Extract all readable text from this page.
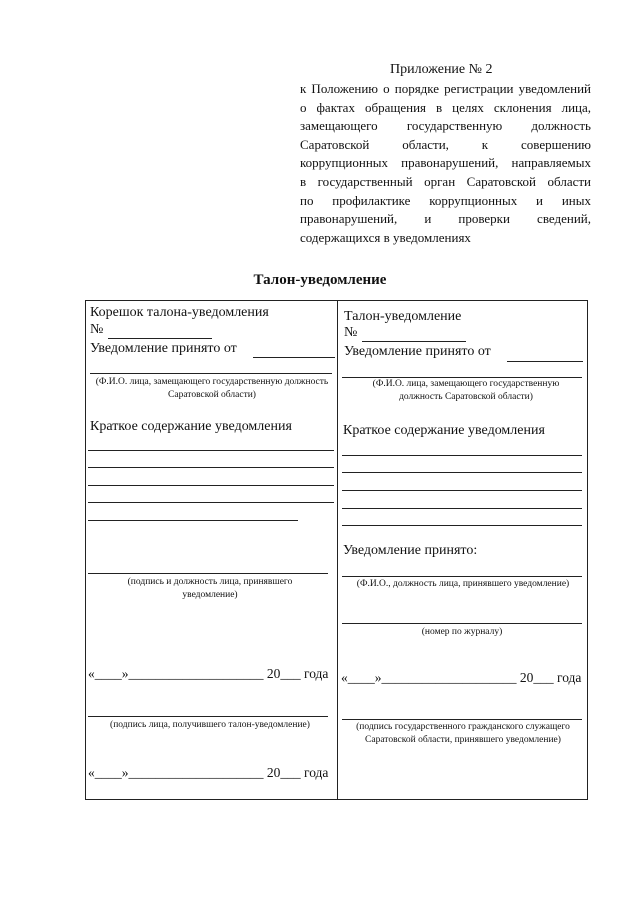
Приложение № 2
к Положению о порядке регистрации уведомлений
о фактах обращения в целях склонения лица,
замещающего государственную должность
Саратовской области, к совершению
коррупционных правонарушений, направляемых
в государственный орган Саратовской области
по профилактике коррупционных и иных
правонарушений, и проверки сведений,
содержащихся в уведомлениях
Талон-уведомление
Корешок талона-уведомления
№
Уведомление принято от
(Ф.И.О. лица, замещающего государственную должность Саратовской области)
Краткое содержание уведомления
(подпись и должность лица, принявшего уведомление)
«____»____________________ 20___ года
(подпись лица, получившего талон-уведомление)
«____»____________________ 20___ года
Талон-уведомление
№
Уведомление принято от
(Ф.И.О. лица, замещающего государственную должность Саратовской области)
Краткое содержание уведомления
Уведомление принято:
(Ф.И.О., должность лица, принявшего уведомление)
(номер по журналу)
«____»____________________ 20___ года
(подпись государственного гражданского служащего Саратовской области, принявшего уведомление)
